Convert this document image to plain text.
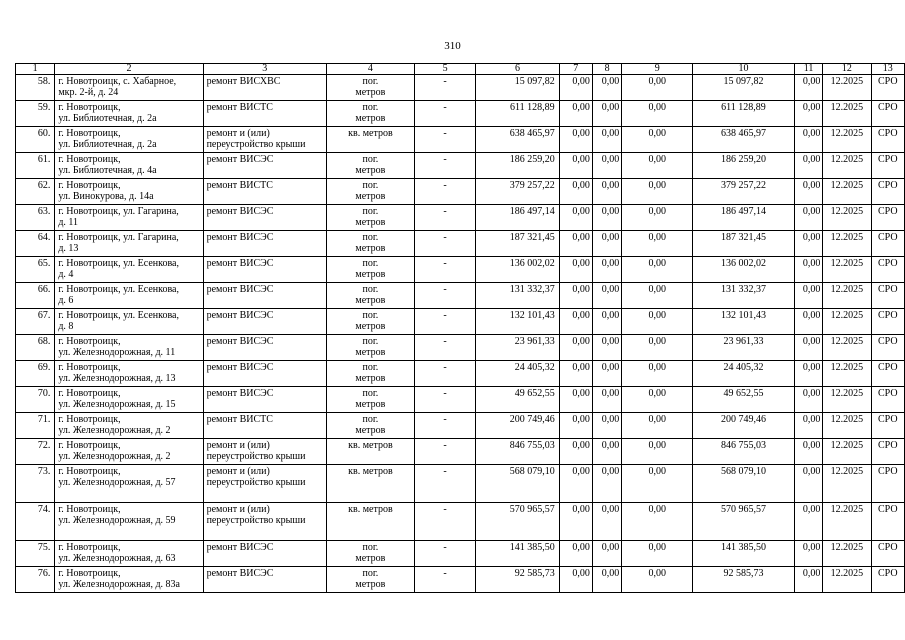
310
1	2	3	4	5	6	7	8	9	10	11	12	13
58.	г. Новотроицк, с. Хабарное,
мкр. 2-й, д. 24	ремонт ВИСХВС	пог.
метров	-	15 097,82	0,00	0,00	0,00	15 097,82	0,00	12.2025	СРО
59.	г. Новотроицк,
ул. Библиотечная, д. 2а	ремонт ВИСТС	пог.
метров	-	611 128,89	0,00	0,00	0,00	611 128,89	0,00	12.2025	СРО
60.	г. Новотроицк,
ул. Библиотечная, д. 2а	ремонт и (или)
переустройство крыши	кв. метров	-	638 465,97	0,00	0,00	0,00	638 465,97	0,00	12.2025	СРО
61.	г. Новотроицк,
ул. Библиотечная, д. 4а	ремонт ВИСЭС	пог.
метров	-	186 259,20	0,00	0,00	0,00	186 259,20	0,00	12.2025	СРО
62.	г. Новотроицк,
ул. Винокурова, д. 14а	ремонт ВИСТС	пог.
метров	-	379 257,22	0,00	0,00	0,00	379 257,22	0,00	12.2025	СРО
63.	г. Новотроицк, ул. Гагарина,
д. 11	ремонт ВИСЭС	пог.
метров	-	186 497,14	0,00	0,00	0,00	186 497,14	0,00	12.2025	СРО
64.	г. Новотроицк, ул. Гагарина,
д. 13	ремонт ВИСЭС	пог.
метров	-	187 321,45	0,00	0,00	0,00	187 321,45	0,00	12.2025	СРО
65.	г. Новотроицк, ул. Есенкова,
д. 4	ремонт ВИСЭС	пог.
метров	-	136 002,02	0,00	0,00	0,00	136 002,02	0,00	12.2025	СРО
66.	г. Новотроицк, ул. Есенкова,
д. 6	ремонт ВИСЭС	пог.
метров	-	131 332,37	0,00	0,00	0,00	131 332,37	0,00	12.2025	СРО
67.	г. Новотроицк, ул. Есенкова,
д. 8	ремонт ВИСЭС	пог.
метров	-	132 101,43	0,00	0,00	0,00	132 101,43	0,00	12.2025	СРО
68.	г. Новотроицк,
ул. Железнодорожная, д. 11	ремонт ВИСЭС	пог.
метров	-	23 961,33	0,00	0,00	0,00	23 961,33	0,00	12.2025	СРО
69.	г. Новотроицк,
ул. Железнодорожная, д. 13	ремонт ВИСЭС	пог.
метров	-	24 405,32	0,00	0,00	0,00	24 405,32	0,00	12.2025	СРО
70.	г. Новотроицк,
ул. Железнодорожная, д. 15	ремонт ВИСЭС	пог.
метров	-	49 652,55	0,00	0,00	0,00	49 652,55	0,00	12.2025	СРО
71.	г. Новотроицк,
ул. Железнодорожная, д. 2	ремонт ВИСТС	пог.
метров	-	200 749,46	0,00	0,00	0,00	200 749,46	0,00	12.2025	СРО
72.	г. Новотроицк,
ул. Железнодорожная, д. 2	ремонт и (или)
переустройство крыши	кв. метров	-	846 755,03	0,00	0,00	0,00	846 755,03	0,00	12.2025	СРО
73.	г. Новотроицк,
ул. Железнодорожная, д. 57	ремонт и (или)
переустройство крыши	кв. метров	-	568 079,10	0,00	0,00	0,00	568 079,10	0,00	12.2025	СРО
74.	г. Новотроицк,
ул. Железнодорожная, д. 59	ремонт и (или)
переустройство крыши	кв. метров	-	570 965,57	0,00	0,00	0,00	570 965,57	0,00	12.2025	СРО
75.	г. Новотроицк,
ул. Железнодорожная, д. 63	ремонт ВИСЭС	пог.
метров	-	141 385,50	0,00	0,00	0,00	141 385,50	0,00	12.2025	СРО
76.	г. Новотроицк,
ул. Железнодорожная, д. 83а	ремонт ВИСЭС	пог.
метров	-	92 585,73	0,00	0,00	0,00	92 585,73	0,00	12.2025	СРО
